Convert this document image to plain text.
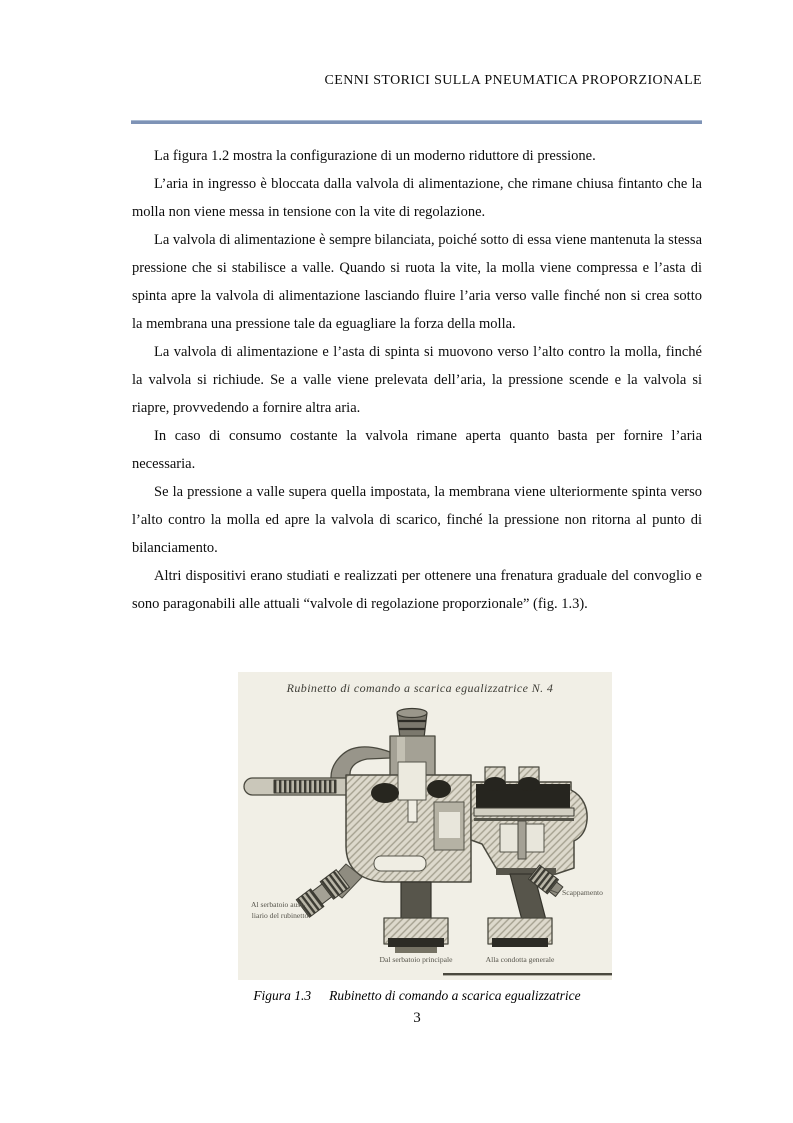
CENNI STORICI SULLA PNEUMATICA PROPORZIONALE

La figura 1.2 mostra la configurazione di un moderno riduttore di pressione.

L’aria in ingresso è bloccata dalla valvola di alimentazione, che rimane chiusa fintanto che la molla non viene messa in tensione con la vite di regolazione.

La valvola di alimentazione è sempre bilanciata, poiché sotto di essa viene mantenuta la stessa pressione che si stabilisce a valle. Quando si ruota la vite, la molla viene compressa e l’asta di spinta apre la valvola di alimentazione lasciando fluire l’aria verso valle finché non si crea sotto la membrana una pressione tale da eguagliare la forza della molla.

La valvola di alimentazione e l’asta di spinta si muovono verso l’alto contro la molla, finché la valvola si richiude. Se a valle viene prelevata dell’aria, la pressione scende e la valvola si riapre, provvedendo a fornire altra aria.

In caso di consumo costante la valvola rimane aperta quanto basta per fornire l’aria necessaria.

Se la pressione a valle supera quella impostata, la membrana viene ulteriormente spinta verso l’alto contro la molla ed apre la valvola di scarico, finché la pressione non ritorna al punto di bilanciamento.

Altri dispositivi erano studiati e realizzati per ottenere una frenatura graduale del convoglio e sono paragonabili alle attuali “valvole di regolazione proporzionale” (fig. 1.3).

Rubinetto di comando a scarica egualizzatrice N. 4
Al serbatoio ausi-
liario del rubinetto
Dal serbatoio principale	Alla condotta generale
Scappamento
Figura 1.3 Rubinetto di comando a scarica egualizzatrice
3
